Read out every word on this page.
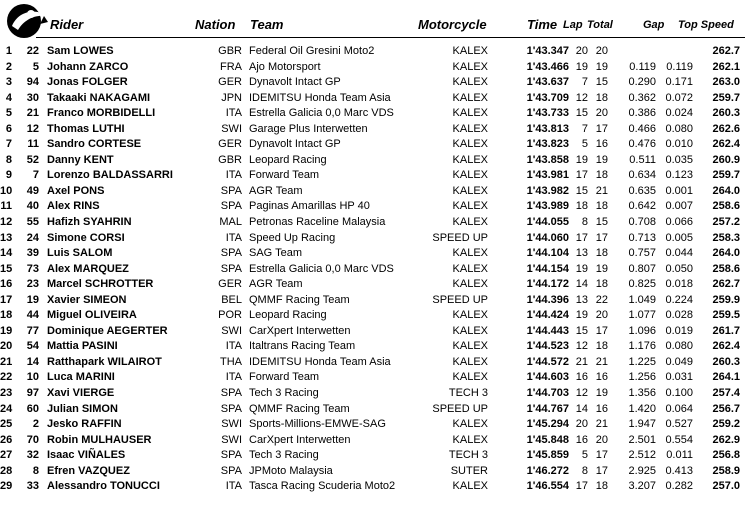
Rider	Nation Team	Motorcycle	Time Lap Total	Gap Top Speed
1	22 Sam LOWES	GBR Federal Oil Gresini Moto2	KALEX	1'43.347 20 20	262.7
2	5 Johann ZARCO	FRA Ajo Motorsport	KALEX	1'43.466 19 19	0.119 0.119	262.1
3	94 Jonas FOLGER	GER Dynavolt Intact GP	KALEX	1'43.637	7 15	0.290 0.171	263.0
4	30 Takaaki NAKAGAMI	JPN IDEMITSU Honda Team Asia	KALEX	1'43.709 12 18	0.362 0.072	259.7
5	21 Franco MORBIDELLI	ITA Estrella Galicia 0,0 Marc VDS	KALEX	1'43.733 15 20	0.386 0.024	260.3
6	12 Thomas LUTHI	SWI Garage Plus Interwetten	KALEX	1'43.813	7 17	0.466 0.080	262.6
7	11 Sandro CORTESE	GER Dynavolt Intact GP	KALEX	1'43.823	5 16	0.476 0.010	262.4
8	52 Danny KENT	GBR Leopard Racing	KALEX	1'43.858 19 19	0.511 0.035	260.9
9	7 Lorenzo BALDASSARRI	ITA Forward Team	KALEX	1'43.981 17 18	0.634 0.123	259.7
10	49 Axel PONS	SPA AGR Team	KALEX	1'43.982 15 21	0.635 0.001	264.0
11	40 Alex RINS	SPA Paginas Amarillas HP 40	KALEX	1'43.989 18 18	0.642 0.007	258.6
12	55 Hafizh SYAHRIN	MAL Petronas Raceline Malaysia	KALEX	1'44.055	8 15	0.708 0.066	257.2
13	24 Simone CORSI	ITA Speed Up Racing	SPEED UP	1'44.060 17 17	0.713 0.005	258.3
14	39 Luis SALOM	SPA SAG Team	KALEX	1'44.104 13 18	0.757 0.044	264.0
15	73 Alex MARQUEZ	SPA Estrella Galicia 0,0 Marc VDS	KALEX	1'44.154 19 19	0.807 0.050	258.6
16	23 Marcel SCHROTTER	GER AGR Team	KALEX	1'44.172 14 18	0.825 0.018	262.7
17	19 Xavier SIMEON	BEL QMMF Racing Team	SPEED UP	1'44.396 13 22	1.049 0.224	259.9
18	44 Miguel OLIVEIRA	POR Leopard Racing	KALEX	1'44.424 19 20	1.077 0.028	259.5
19	77 Dominique AEGERTER	SWI CarXpert Interwetten	KALEX	1'44.443 15 17	1.096 0.019	261.7
20	54 Mattia PASINI	ITA Italtrans Racing Team	KALEX	1'44.523 12 18	1.176 0.080	262.4
21	14 Ratthapark WILAIROT	THA IDEMITSU Honda Team Asia	KALEX	1'44.572 21 21	1.225 0.049	260.3
22	10 Luca MARINI	ITA Forward Team	KALEX	1'44.603 16 16	1.256 0.031	264.1
23	97 Xavi VIERGE	SPA Tech 3 Racing	TECH 3	1'44.703 12 19	1.356 0.100	257.4
24	60 Julian SIMON	SPA QMMF Racing Team	SPEED UP	1'44.767 14 16	1.420 0.064	256.7
25	2 Jesko RAFFIN	SWI Sports-Millions-EMWE-SAG	KALEX	1'45.294 20 21	1.947 0.527	259.2
26	70 Robin MULHAUSER	SWI CarXpert Interwetten	KALEX	1'45.848 16 20	2.501 0.554	262.9
27	32 Isaac VIÑALES	SPA Tech 3 Racing	TECH 3	1'45.859	5 17	2.512 0.011	256.8
28	8 Efren VAZQUEZ	SPA JPMoto Malaysia	SUTER	1'46.272	8 17	2.925 0.413	258.9
29	33 Alessandro TONUCCI	ITA Tasca Racing Scuderia Moto2	KALEX	1'46.554 17 18	3.207 0.282	257.0
